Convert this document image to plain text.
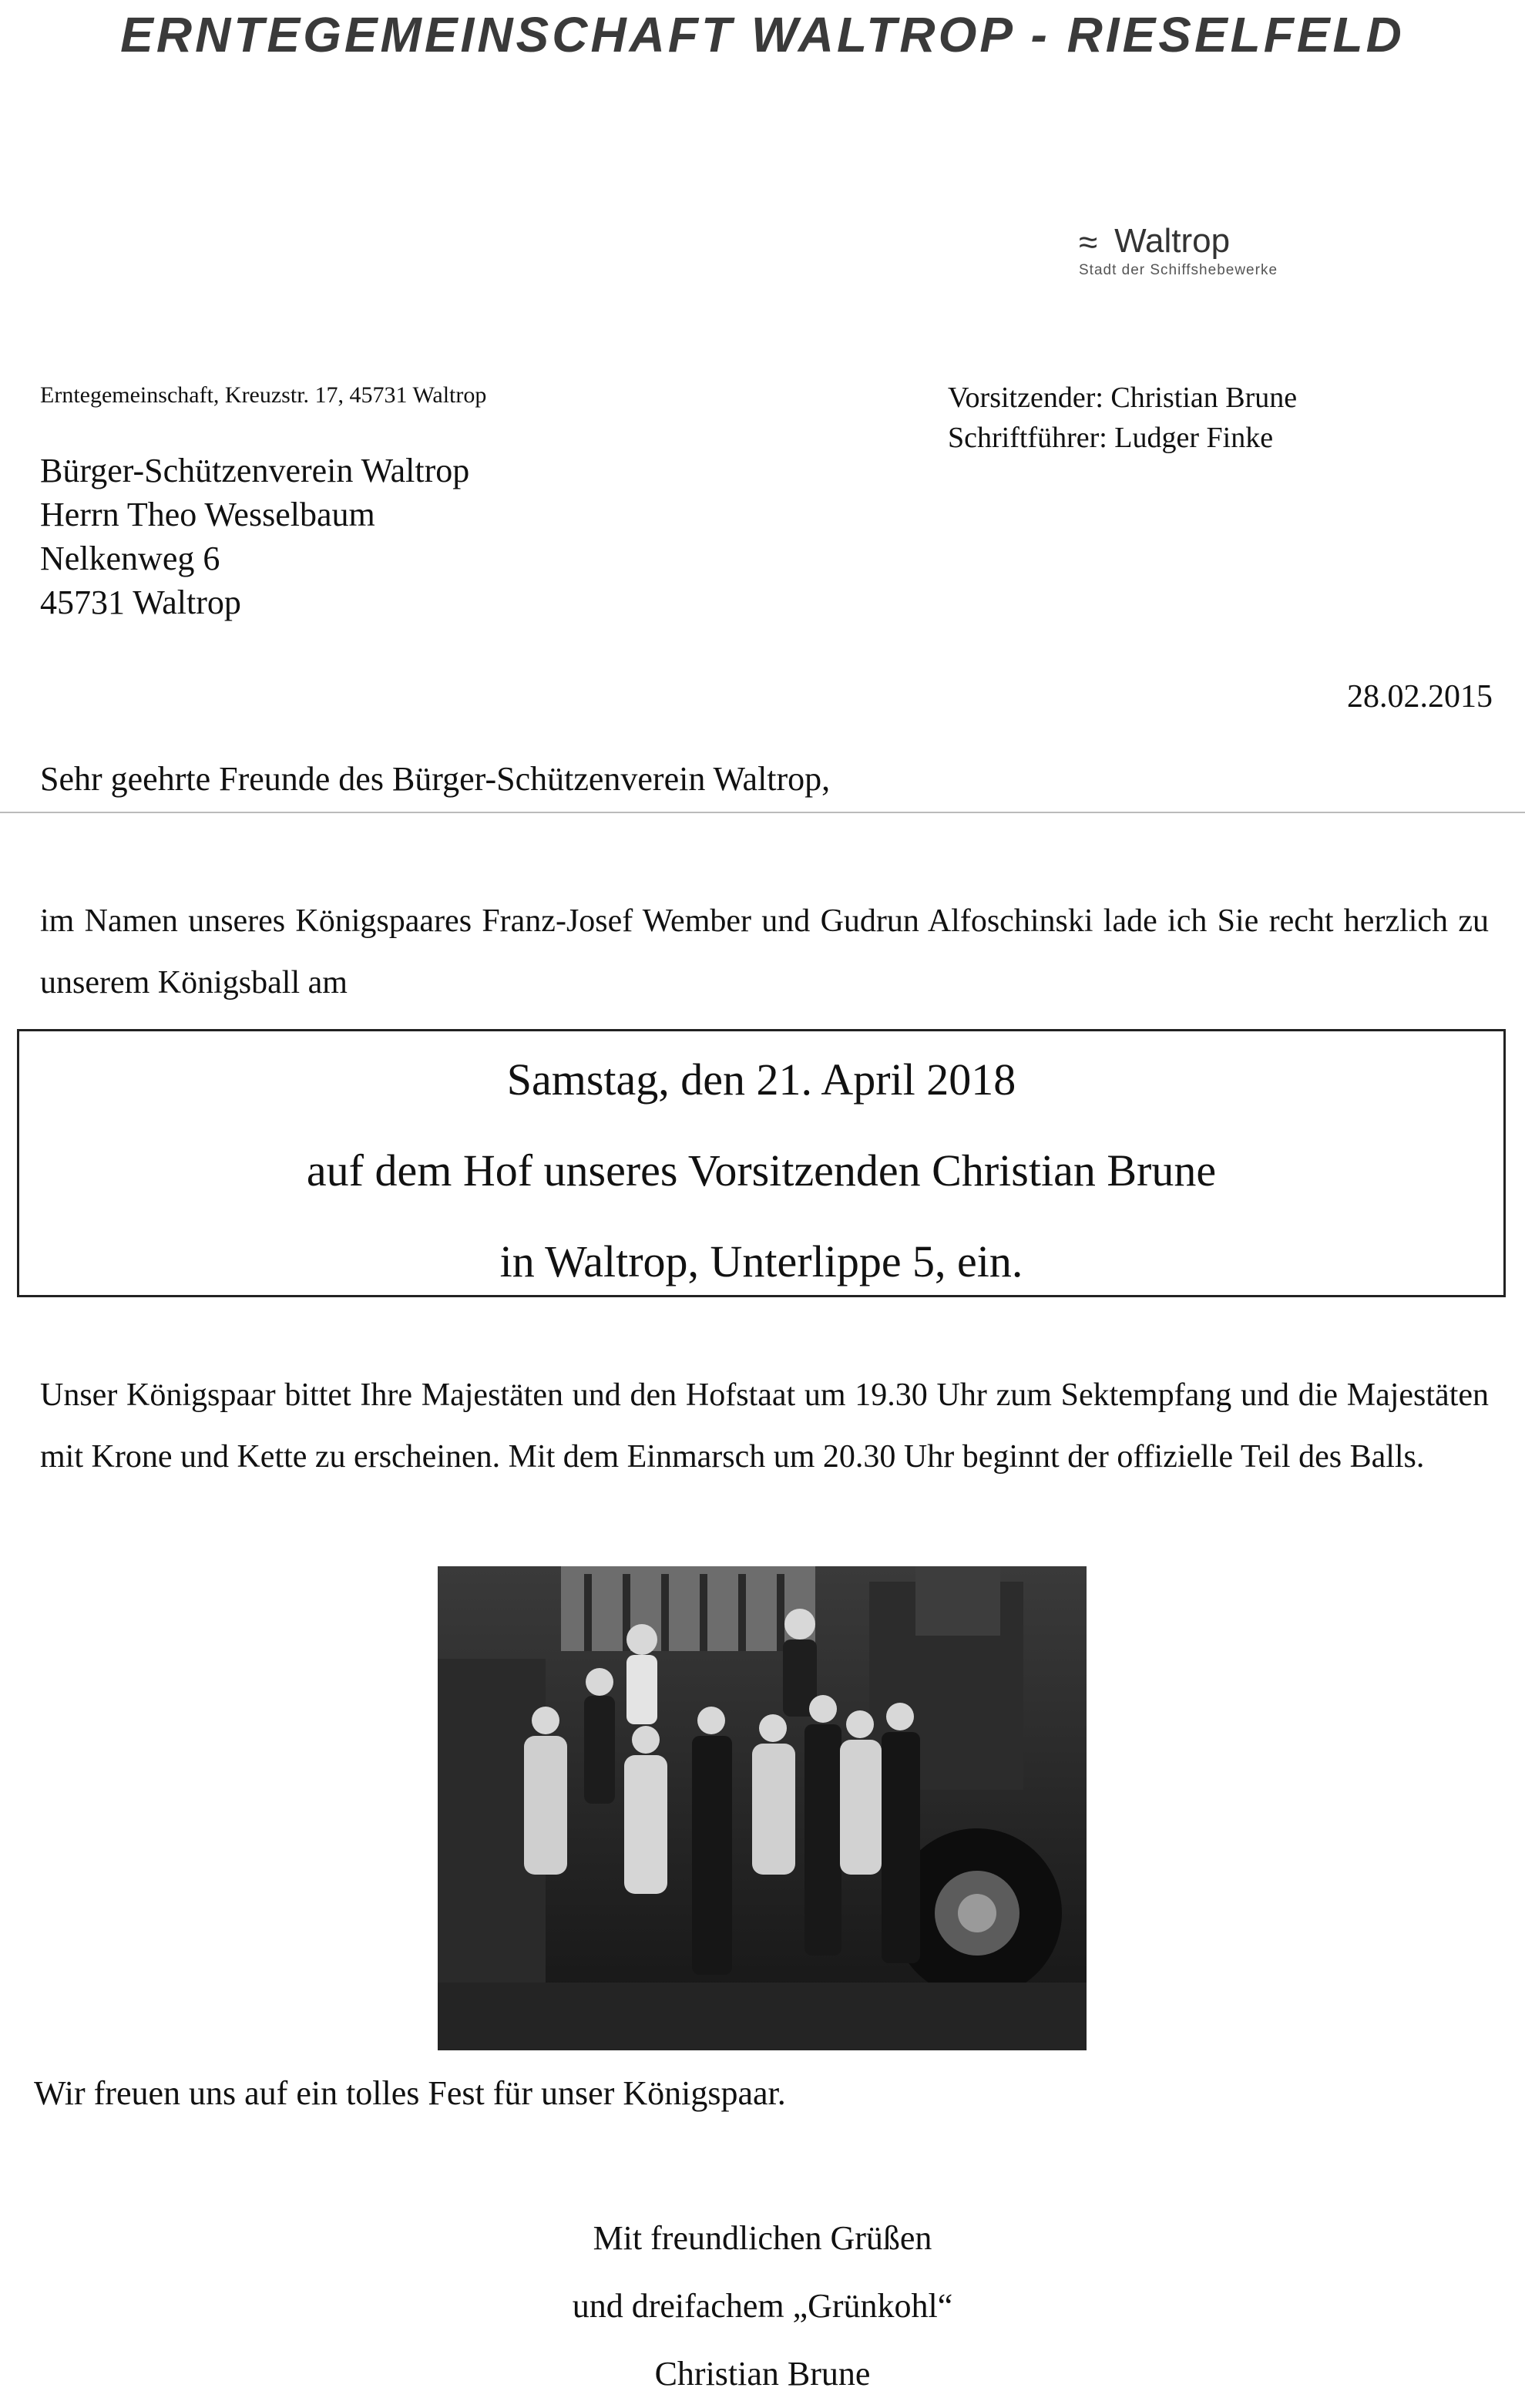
ERNTEGEMEINSCHAFT WALTROP - RIESELFELD
≈ Waltrop
Stadt der Schiffshebewerke
Erntegemeinschaft, Kreuzstr. 17, 45731 Waltrop
Bürger-Schützenverein Waltrop
Herrn Theo Wesselbaum
Nelkenweg 6
45731 Waltrop
Vorsitzender: Christian Brune
Schriftführer: Ludger Finke
28.02.2015
Sehr geehrte Freunde des Bürger-Schützenverein Waltrop,
im Namen unseres Königspaares Franz-Josef Wember und Gudrun Alfoschinski lade ich Sie recht herzlich zu unserem Königsball am
Samstag, den 21. April 2018
auf dem Hof unseres Vorsitzenden Christian Brune
in Waltrop, Unterlippe 5, ein.
Unser Königspaar bittet Ihre Majestäten und den Hofstaat um 19.30 Uhr zum Sektempfang und die Majestäten mit Krone und Kette zu erscheinen. Mit dem Einmarsch um 20.30 Uhr beginnt der offizielle Teil des Balls.
Wir freuen uns auf ein tolles Fest für unser Königspaar.
Mit freundlichen Grüßen
und dreifachem „Grünkohl“
Christian Brune
